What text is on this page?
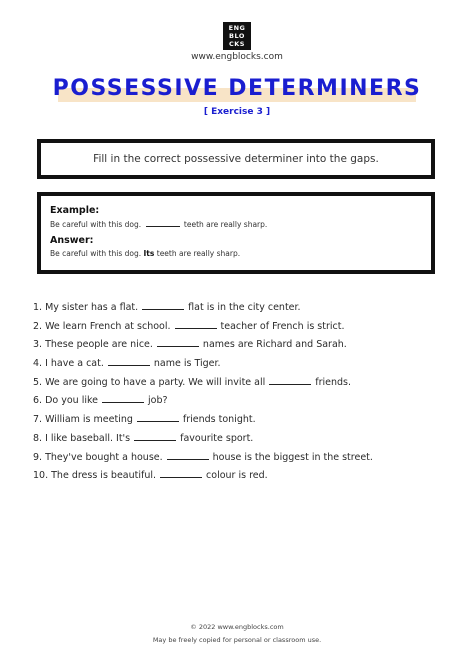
ENG
BLO
CKS
www.engblocks.com
POSSESSIVE DETERMINERS
[ Exercise 3 ]
Fill in the correct possessive determiner into the gaps.
Example:
Be careful with this dog.	teeth are really sharp.
Answer:
Be careful with this dog. Its teeth are really sharp.
1. My sister has a flat.	flat is in the city center.
2. We learn French at school.	teacher of French is strict.
3. These people are nice.	names are Richard and Sarah.
4. I have a cat.	name is Tiger.
5. We are going to have a party. We will invite all	friends.
6. Do you like	job?
7. William is meeting	friends tonight.
8. I like baseball. It's	favourite sport.
9. They've bought a house.	house is the biggest in the street.
10. The dress is beautiful.	colour is red.
© 2022 www.engblocks.com
May be freely copied for personal or classroom use.
